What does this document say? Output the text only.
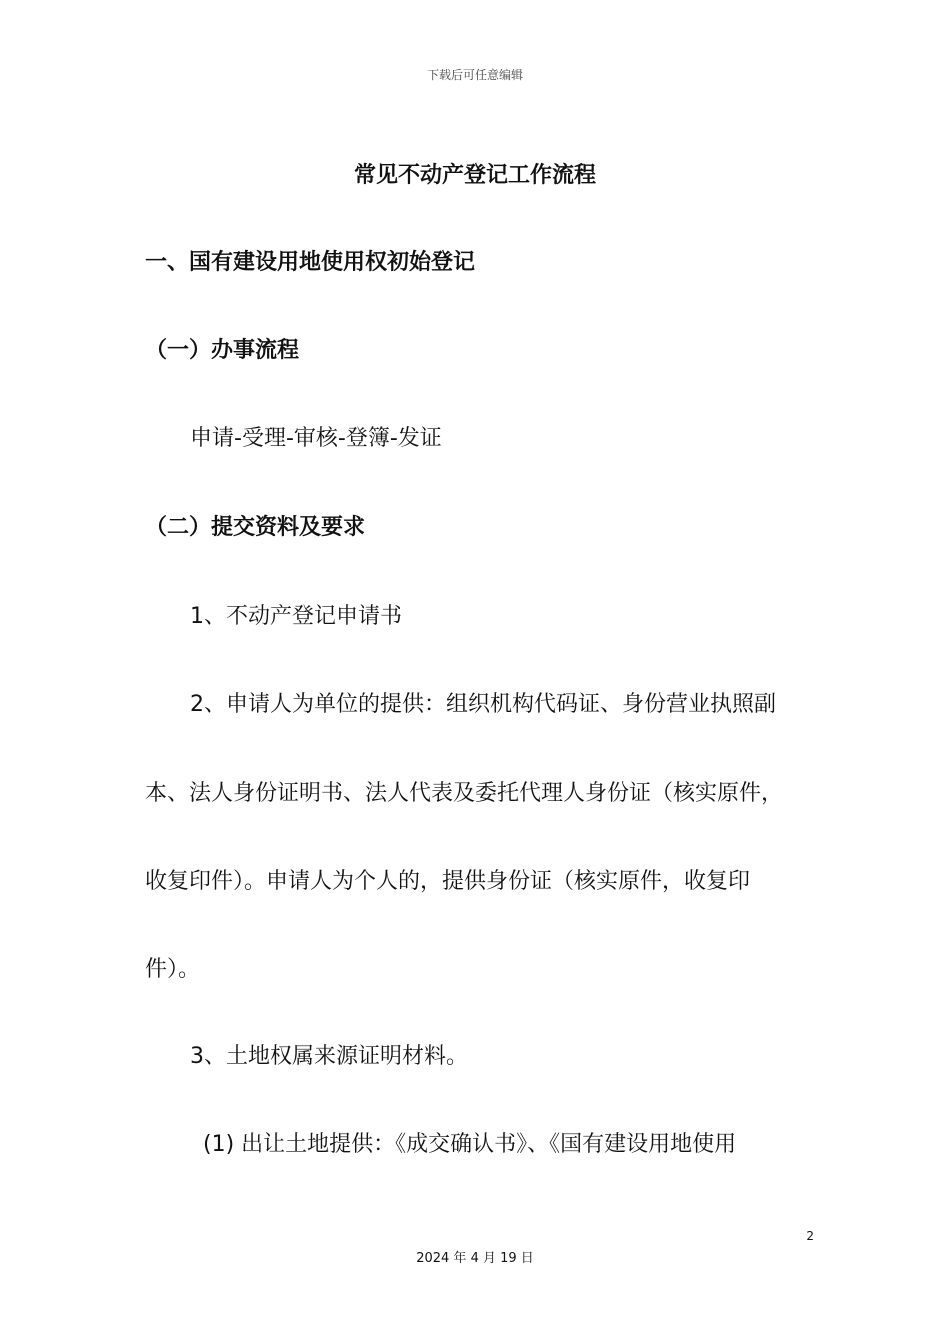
下载后可任意编辑
常见不动产登记工作流程
一、国有建设用地使用权初始登记
（一）办事流程
申请-受理-审核-登簿-发证
（二）提交资料及要求
1、不动产登记申请书
2、申请人为单位的提供：组织机构代码证、身份营业执照副
本、法人身份证明书、法人代表及委托代理人身份证（核实原件，
收复印件）。申请人为个人的，提供身份证（核实原件，收复印
件）。
3、土地权属来源证明材料。
(1) 出让土地提供：《成交确认书》、《国有建设用地使用
2
2024 年 4 月 19 日
